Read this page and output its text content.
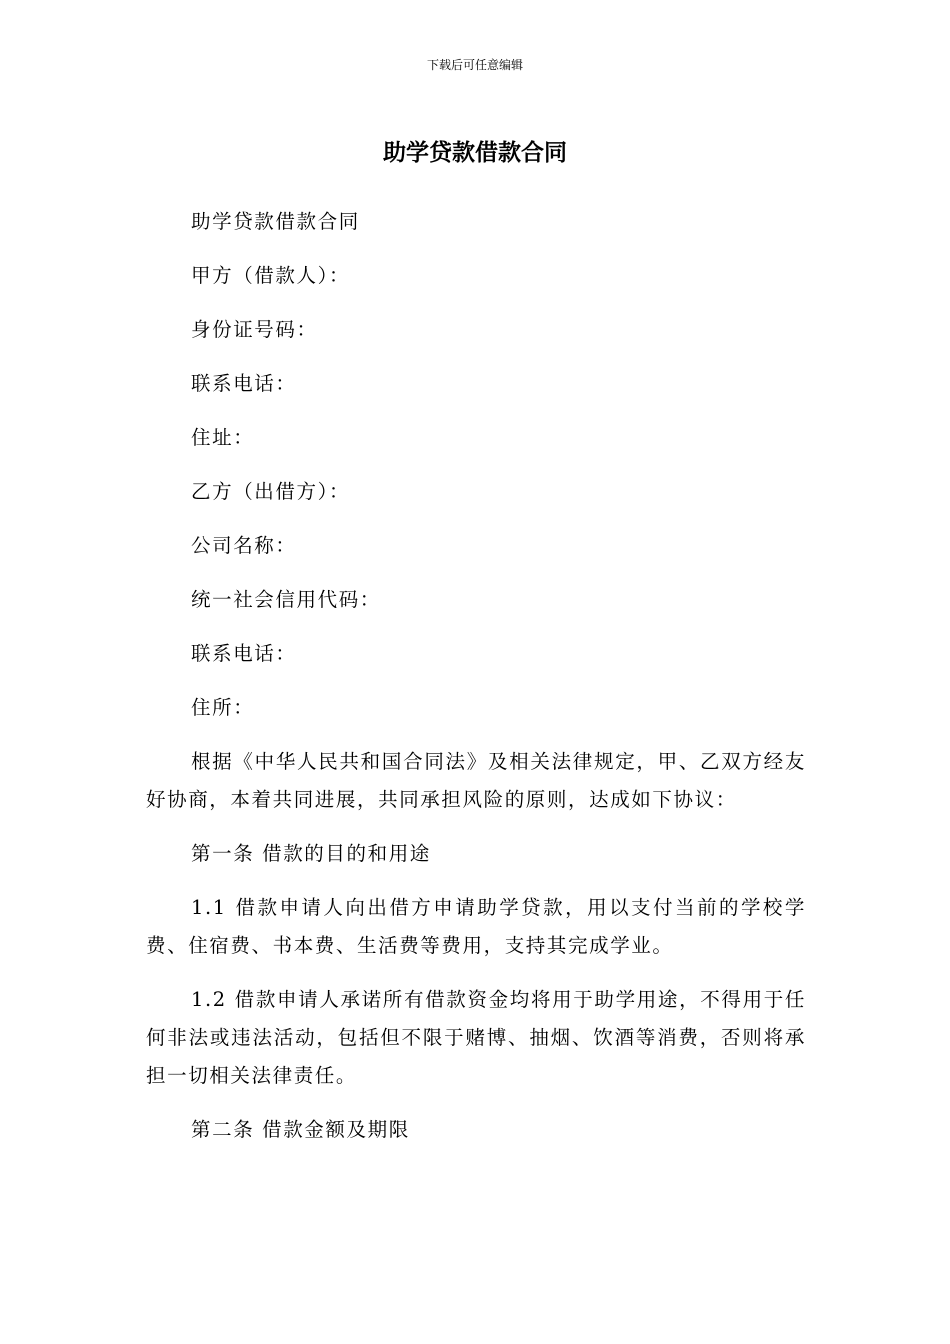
下载后可任意编辑
助学贷款借款合同

助学贷款借款合同

甲方（借款人）：

身份证号码：

联系电话：

住址：

乙方（出借方）：

公司名称：

统一社会信用代码：

联系电话：

住所：

根据《中华人民共和国合同法》及相关法律规定，甲、乙双方经友好协商，本着共同进展，共同承担风险的原则，达成如下协议：

第一条 借款的目的和用途

1.1 借款申请人向出借方申请助学贷款，用以支付当前的学校学费、住宿费、书本费、生活费等费用，支持其完成学业。

1.2 借款申请人承诺所有借款资金均将用于助学用途，不得用于任何非法或违法活动，包括但不限于赌博、抽烟、饮酒等消费，否则将承担一切相关法律责任。

第二条 借款金额及期限
